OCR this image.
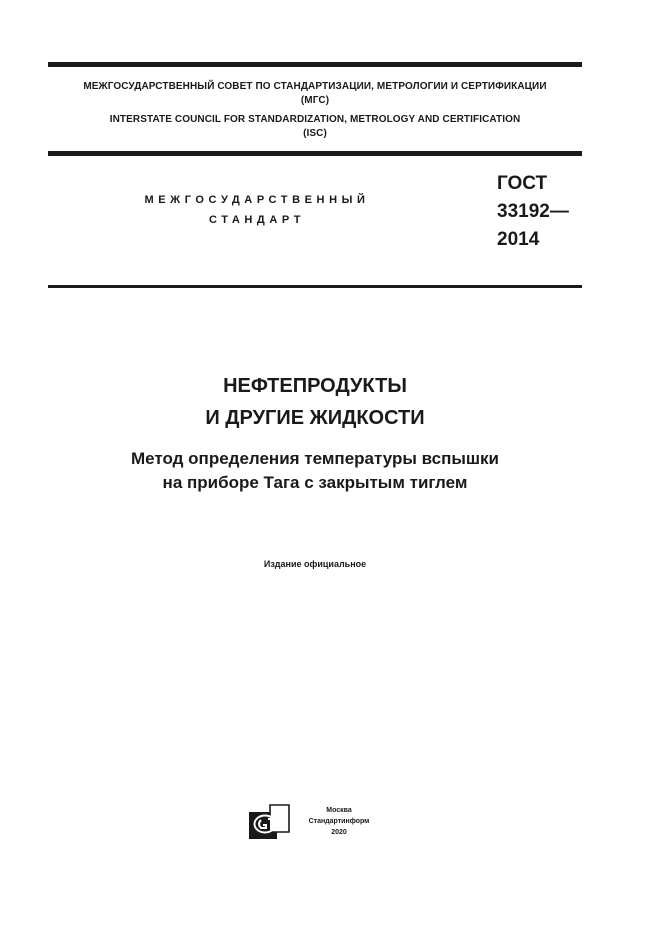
МЕЖГОСУДАРСТВЕННЫЙ СОВЕТ ПО СТАНДАРТИЗАЦИИ, МЕТРОЛОГИИ И СЕРТИФИКАЦИИ
(МГС)
INTERSTATE COUNCIL FOR STANDARDIZATION, METROLOGY AND CERTIFICATION
(ISC)
МЕЖГОСУДАРСТВЕННЫЙ
СТАНДАРТ
ГОСТ
33192—
2014
НЕФТЕПРОДУКТЫ
И ДРУГИЕ ЖИДКОСТИ
Метод определения температуры вспышки
на приборе Тага с закрытым тиглем
Издание официальное
Москва
Стандартинформ
2020
